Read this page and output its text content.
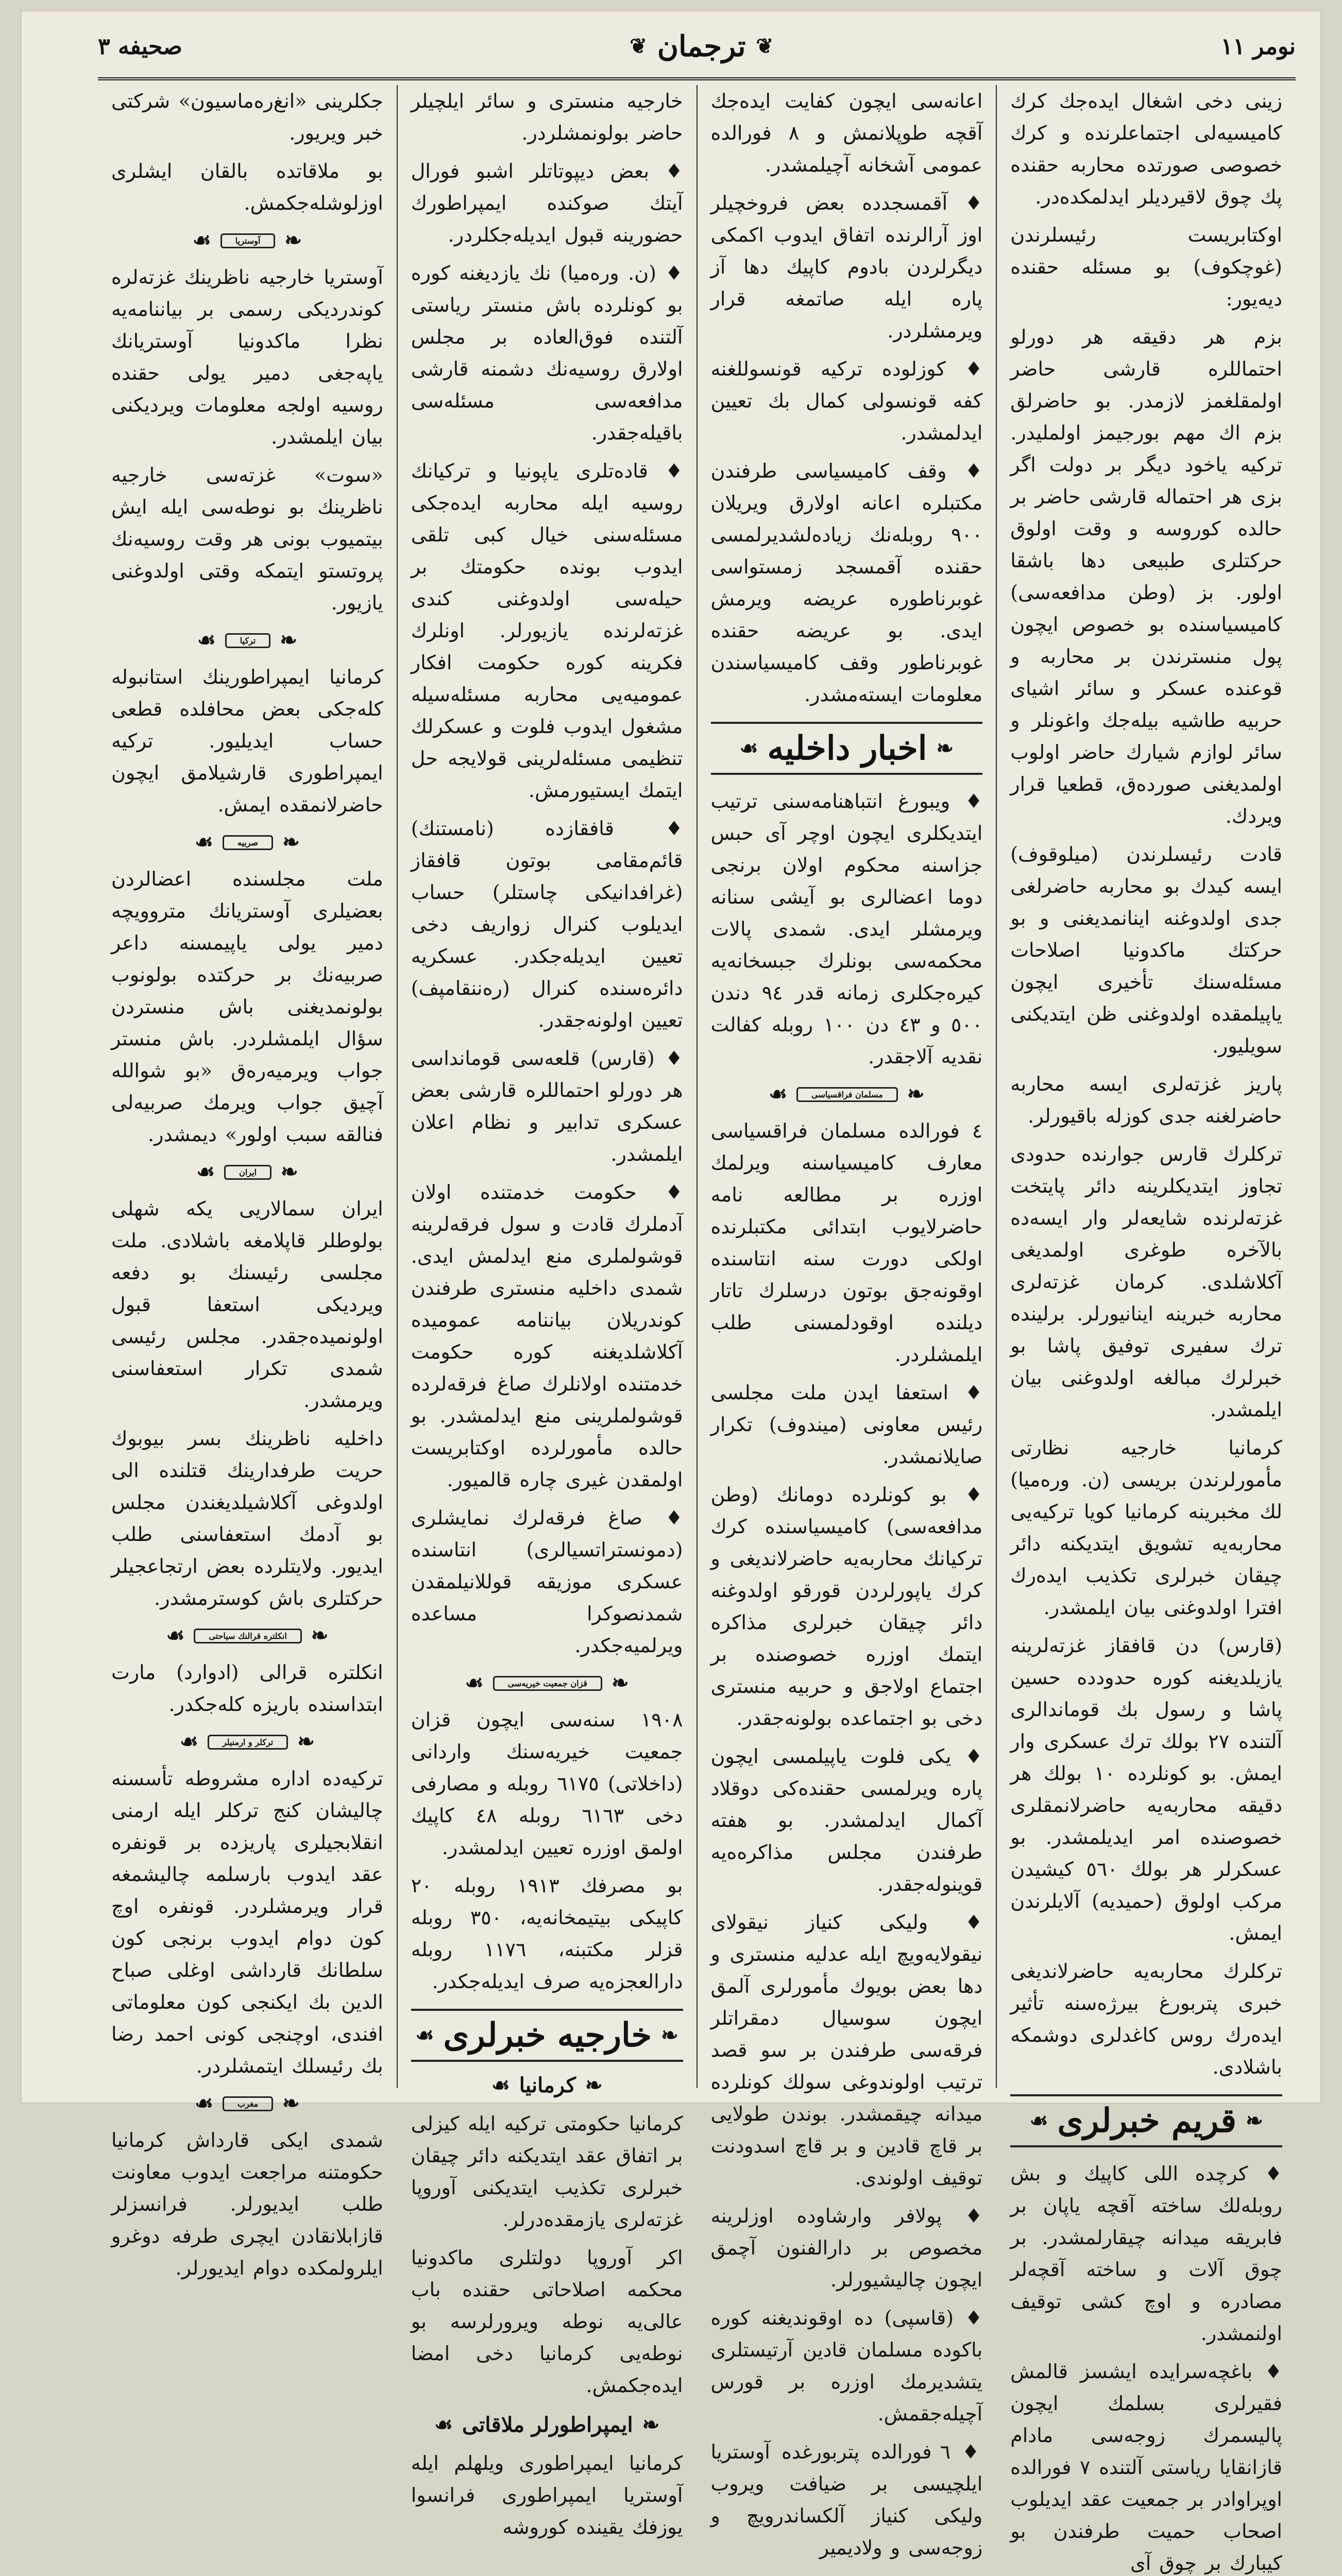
نومر ١١
❦
ترجمان
❦
صحیفه ٣

زینی دخی اشغال ایده‌جك کرك کامیسیه‌لی اجتماعلرنده و کرك خصوصی صورتده محاربه حقنده پك چوق لاقیردیلر ایدلمکده‌در.

اوکتابریست رئیسلرندن (غوچکوف) بو مسئله حقنده دیه‌یور:

بزم هر دقیقه هر دورلو احتماللره قارشی حاضر اولمقلغمز لازمدر. بو حاضرلق بزم اك مهم بورجیمز اولملیدر. ترکیه یاخود دیگر بر دولت اگر بزی هر احتماله قارشی حاضر بر حالده کوروسه و وقت اولوق حرکتلری طبیعی دها باشقا اولور. بز (وطن مدافعه‌سی) کامیسیاسنده بو خصوص ایچون پول منسترندن بر محاربه و قوعنده عسکر و سائر اشیای حربیه طاشیه بیله‌جك واغونلر و سائر لوازم شیارك حاضر اولوب اولمدیغنی صورده‌ق، قطعیا قرار ویردك.

قادت رئیسلرندن (میلوقوف) ایسه کیدك بو محاربه حاضرلغی جدی اولدوغنه اینانمدیغنی و بو حرکتك ماکدونیا اصلاحات مسئله‌سنك تأخیری ایچون یاپیلمقده اولدوغنی ظن ایتدیکنی سویلیور.

پاریز غزته‌لری ایسه محاربه حاضرلغنه جدی کوزله باقیورلر.

ترکلرك قارس جوارنده حدودی تجاوز ایتدیکلرینه دائر پایتخت غزته‌لرنده شایعه‌لر وار ایسه‌ده بالآخره طوغری اولمدیغی آکلاشلدی. کرمان غزته‌لری محاربه خبرینه اینانیورلر. برلینده ترك سفیری توفیق پاشا بو خبرلرك مبالغه اولدوغنی بیان ایلمشدر.

کرمانیا خارجیه نظارتی مأمورلرندن بریسی (ن. وره‌میا) لك مخبرینه کرمانیا کویا ترکیه‌یی محاربه‌یه تشویق ایتدیکنه دائر چیقان خبرلری تکذیب ایده‌رك افترا اولدوغنی بیان ایلمشدر.

(قارس) دن قافقاز غزته‌لرینه یازیلدیغنه کوره حدودده حسین پاشا و رسول بك قوماندالری آلتنده ٢٧ بولك ترك عسکری وار ایمش. بو کونلرده ١٠ بولك هر دقیقه محاربه‌یه حاضرلانمقلری خصوصنده امر ایدیلمشدر. بو عسکرلر هر بولك ٥٦٠ کیشیدن مرکب اولوق (حمیدیه) آلایلرندن ایمش.

ترکلرك محاربه‌یه حاضرلاندیغی خبری پتربورغ بیرژه‌سنه تأثیر ایده‌رك روس کاغدلری دوشمکه باشلادی.

❧
قریم خبرلری
☙

♦ کرچده اللی کاپیك و بش روبله‌لك ساخته آقچه یاپان بر فابریقه میدانه چیقارلمشدر. بر چوق آلات و ساخته آقچه‌لر مصادره و اوچ کشی توقیف اولنمشدر.

♦ باغچه‌سرایده ایشسز قالمش فقیرلری بسلمك ایچون پالیسمرك زوجه‌سی مادام قازانقایا ریاستی آلتنده ٧ فورالده اوپراوادر بر جمعیت عقد ایدیلوب اصحاب حمیت طرفندن بو کیبارك بر چوق آی

اعانه‌سی ایچون کفایت ایده‌جك آقچه طوپلانمش و ٨ فورالده عمومی آشخانه آچیلمشدر.

♦ آقمسجدده بعض فروخچیلر اوز آرالرنده اتفاق ایدوب اکمکی دیگرلردن بادوم کاپیك دها آز پاره ایله صاتمغه قرار ویرمشلردر.

♦ کوزلوده ترکیه قونسوللغنه کفه قونسولی کمال بك تعیین ایدلمشدر.

♦ وقف کامیسیاسی طرفندن مکتبلره اعانه اولارق ویریلان ٩٠٠ روبله‌نك زیاده‌لشدیرلمسی حقنده آقمسجد زمستوا‌سی غوبرناطوره عریضه ویرمش ایدی. بو عریضه حقنده غوبرناطور وقف کامیسیاسندن معلومات ایسته‌مشدر.

❧
اخبار داخلیه
☙

♦ ویبورغ انتباهنامه‌سنی ترتیب ایتدیکلری ایچون اوچر آی حبس جزاسنه محکوم اولان برنجی دوما اعضالری بو آیشی سنانه ویرمشلر ایدی. شمدی پالات محکمه‌سی بونلرك جبسخانه‌یه کیره‌جکلری زمانه قدر ٩٤ دندن ٥٠٠ و ٤٣ دن ١٠٠ روبله کفالت نقدیه آلاجقدر.

❧
مسلمان فراقسیاسی
☙

٤ فورالده مسلمان فراقسیاسی معارف کامیسیاسنه ویرلمك اوزره بر مطالعه نامه حاضرلایوب ابتدائی مکتبلرنده اولکی دورت سنه انتاسنده اوقونه‌جق بوتون درسلرك تاتار دیلنده اوقودلمسنی طلب ایلمشلردر.

♦ استعفا ایدن ملت مجلسی رئیس معاونی (میندوف) تکرار صایلانمشدر.

♦ بو کونلرده دومانك (وطن مدافعه‌سی) کامیسیاسنده کرك ترکیانك محاربه‌یه حاضرلاندیغی و کرك یاپورلردن قورقو اولدوغنه دائر چیقان خبرلری مذاکره ایتمك اوزره خصوصنده بر اجتماع اولاجق و حربیه منستری دخی بو اجتماعده بولونه‌جقدر.

♦ یکی فلوت یاپیلمسی ایچون پاره ویرلمسی حقنده‌کی دوقلاد آکمال ایدلمشدر. بو هفته طرفندن مجلس مذاکره‌ه‌یه قوینوله‌جقدر.

♦ ولیکی کنیاز نیقولای نیقولایه‌ویچ ایله عدلیه منستری و دها بعض بویوك مأمورلری آلمق ایچون سوسیال دمقراتلر فرقه‌سی طرفندن بر سو قصد ترتیب اولوندوغی سولك کونلرده میدانه چیقمشدر. بوندن طولایی بر قاچ قادین و بر قاچ اسدودنت توقیف اولوندی.

♦ پولافر وارشاوده اوزلرینه مخصوص بر دارالفنون آچمق ایچون چالیشیورلر.

♦ (قاسپی) ده اوقوندیغنه کوره باکوده مسلمان قادین آرتیستلری یتشدیرمك اوزره بر قورس آچیله‌جقمش.

♦ ٦ فورالده پتربورغده آوستریا ایلچیسی بر ضیافت ویروب ولیکی کنیاز آلکساندرویچ و زوجه‌سی و ولادیمیر

خارجیه منستری و سائر ایلچیلر حاضر بولونمشلردر.

♦ بعض دیپوتاتلر اشبو فورال آیتك صوکنده ایمپراطورك حضورینه قبول ایدیله‌جکلردر.

♦ (ن. وره‌میا) نك یازدیغنه کوره بو کونلرده باش منستر ریاستی آلتنده فوق‌العاده بر مجلس اولارق روسیه‌نك دشمنه قارشی مدافعه‌سی مسئله‌سی باقیله‌جقدر.

♦ قاده‌تلری یاپونیا و ترکیانك روسیه ایله محاربه ایده‌جکی مسئله‌سنی خیال کبی تلقی ایدوب بونده حکومتك بر حیله‌سی اولدوغنی کندی غزته‌لرنده یازیورلر. اونلرك فکرینه کوره حکومت افکار عمومیه‌یی محاربه مسئله‌سیله مشغول ایدوب فلوت و عسکرلك تنظیمی مسئله‌لرینی قولایجه حل ایتمك ایستیورمش.

♦ قافقازده (نامستنك) قائم‌مقامی بوتون قافقاز (غرافدانیکی چاستلر) حساب ایدیلوب کنرال زواریف دخی تعیین ایدیله‌جکدر. عسکریه دائره‌سنده کنرال (ره‌ننقامپف) تعیین اولونه‌جقدر.

♦ (قارس) قلعه‌سی قومانداسی هر دورلو احتماللره قارشی بعض عسکری تدابیر و نظام اعلان ایلمشدر.

♦ حکومت خدمتنده اولان آدملرك قادت و سول فرقه‌لرینه قوشولملری منع ایدلمش ایدی. شمدی داخلیه منستری طرفندن کوندریلان بیاننامه عمومیده آکلاشلدیغنه کوره حکومت خدمتنده اولانلرك صاغ فرقه‌لرده قوشولملرینی منع ایدلمشدر. بو حالده مأمورلرده اوکتابریست اولمقدن غیری چاره قالمیور.

♦ صاغ فرقه‌لرك نمایشلری (دمونستراتسیالری) انتاسنده عسکری موزیقه قوللانیلمقدن شمدنصوکرا مساعده ویرلمیه‌جکدر.

❧
قزان جمعیت خیریه‌سی
☙

١٩٠٨ سنه‌سی ایچون قزان جمعیت خیریه‌سنك واردانی (داخلاتی) ٦١٧٥ روبله و مصارفی دخی ٦١٦٣ روبله ٤٨ کاپیك اولمق اوزره تعیین ایدلمشدر.

بو مصرفك ١٩١٣ روبله ٢٠ کاپیکی بیتیمخانه‌یه، ٣٥٠ روبله قزلر مکتبنه، ١١٧٦ روبله دارالعجزه‌یه صرف ایدیله‌جکدر.

❧
خارجیه خبرلری
☙
❧
کرمانیا
☙

کرمانیا حکومتی ترکیه ایله کیزلی بر اتفاق عقد ایتدیکنه دائر چیقان خبرلری تکذیب ایتدیکنی آوروپا غزته‌لری یازمقده‌درلر.

اکر آوروپا دولتلری ماکدونیا محکمه اصلاحاتی حقنده باب عالی‌یه نوطه ویرورلرسه بو نوطه‌یی کرمانیا دخی امضا ایده‌جکمش.

❧
ایمپراطورلر ملاقاتی
☙

کرمانیا ایمپراطوری ویلهلم ایله آوستریا ایمپراطوری فرانسوا یوزفك یقینده کوروشه

جکلرینی «انغ‌ره‌ماسیون» شرکتی خبر ویریور.

بو ملاقاتده بالقان ایشلری اوزلوشله‌جکمش.

❧
آوستریا
☙

آوستریا خارجیه ناظرینك غزته‌لره کوندردیکی رسمی بر بیاننامه‌یه نظرا ماکدونیا آوستریانك یاپه‌جغی دمیر یولی حقنده روسیه اولجه معلومات ویردیکنی بیان ایلمشدر.

«سوت» غزته‌سی خارجیه ناظرینك بو نوطه‌سی ایله ایش بیتمیوب بونی هر وقت روسیه‌نك پروتستو ایتمکه وقتی اولدوغنی یازیور.

❧
ترکیا
☙

کرمانیا ایمپراطورینك استانبوله کله‌جکی بعض محافلده قطعی حساب ایدیلیور. ترکیه ایمپراطوری قارشیلامق ایچون حاضرلانمقده ایمش.

❧
صربیه
☙

ملت مجلسنده اعضالردن بعضیلری آوستریانك متروویچه دمیر یولی یاپیمسنه داعر صربیه‌نك بر حرکتده بولونوب بولونمدیغنی باش منستردن سؤال ایلمشلردر. باش منستر جواب ویرمیه‌ره‌ق «بو شوالله آچیق جواب ویرمك صربیه‌لی فنالقه سبب اولور» دیمشدر.

❧
ایران
☙

ایران سمالاریی یکه شهلی بولوطلر قاپلامغه باشلادی. ملت مجلسی رئیسنك بو دفعه ویردیکی استعفا قبول اولونمیده‌جقدر. مجلس رئیسی شمدی تکرار استعفاسنی ویرمشدر.

داخلیه ناظرینك بسر بیوبوك حریت طرفدارینك قتلنده الی اولدوغی آکلاشیلدیغندن مجلس بو آدمك استعفاسنی طلب ایدیور. ولایتلرده بعض ارتجاعجیلر حرکتلری باش کوسترمشدر.

❧
انکلتره قرالنك سیاحتی
☙

انکلتره قرالی (ادوارد) مارت ابتداسنده باریزه کله‌جکدر.

❧
ترکلر و ارمنیلر
☙

ترکیه‌ده اداره مشروطه تأسسنه چالیشان کنج ترکلر ایله ارمنی انقلابجیلری پاریزده بر قونفره عقد ایدوب بارسلمه چالیشمغه قرار ویرمشلردر. قونفره اوچ کون دوام ایدوب برنجی کون سلطانك قارداشی اوغلی صباح الدین بك ایکنجی کون معلوماتی افندی، اوچنجی کونی احمد رضا بك رئیسلك ایتمشلردر.

❧
مغرب
☙

شمدی ایکی قارداش کرمانیا حکومتنه مراجعت ایدوب معاونت طلب ایدیورلر. فرانسزلر قازابلانقادن ایچری طرفه دوغرو ایلرولمکده دوام ایدیورلر.
